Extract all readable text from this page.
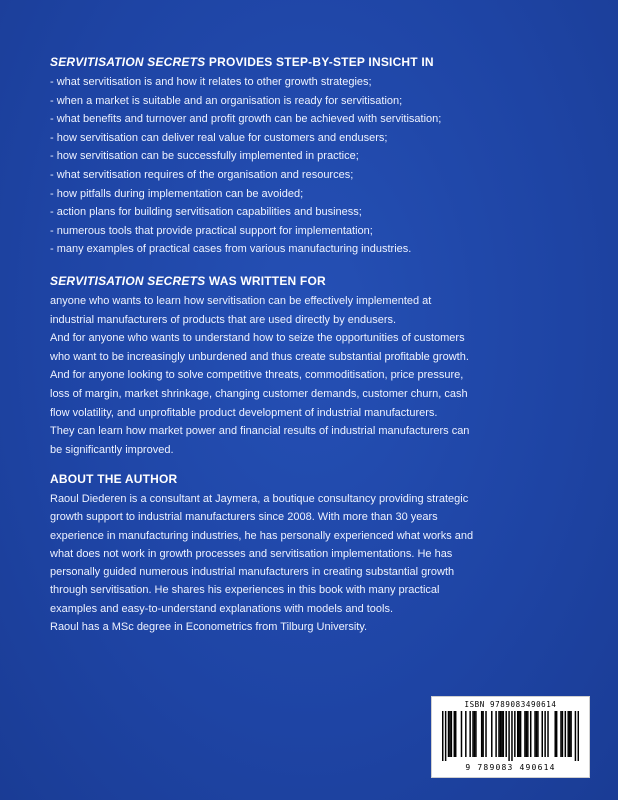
SERVITISATION SECRETS PROVIDES STEP-BY-STEP INSICHT IN
- what servitisation is and how it relates to other growth strategies;
- when a market is suitable and an organisation is ready for servitisation;
- what benefits and turnover and profit growth can be achieved with servitisation;
- how servitisation can deliver real value for customers and endusers;
- how servitisation can be successfully implemented in practice;
- what servitisation requires of the organisation and resources;
- how pitfalls during implementation can be avoided;
- action plans for building servitisation capabilities and business;
- numerous tools that provide practical support for implementation;
- many examples of practical cases from various manufacturing industries.
SERVITISATION SECRETS WAS WRITTEN FOR
anyone who wants to learn how servitisation can be effectively implemented at
industrial manufacturers of products that are used directly by endusers.
And for anyone who wants to understand how to seize the opportunities of customers
who want to be increasingly unburdened and thus create substantial profitable growth.
And for anyone looking to solve competitive threats, commoditisation, price pressure,
loss of margin, market shrinkage, changing customer demands, customer churn, cash
flow volatility, and unprofitable product development of industrial manufacturers.
They can learn how market power and financial results of industrial manufacturers can
be significantly improved.
ABOUT THE AUTHOR
Raoul Diederen is a consultant at Jaymera, a boutique consultancy providing strategic
growth support to industrial manufacturers since 2008. With more than 30 years
experience in manufacturing industries, he has personally experienced what works and
what does not work in growth processes and servitisation implementations. He has
personally guided numerous industrial manufacturers in creating substantial growth
through servitisation. He shares his experiences in this book with many practical
examples and easy-to-understand explanations with models and tools.
Raoul has a MSc degree in Econometrics from Tilburg University.
ISBN 9789083490614
9 789083 490614
